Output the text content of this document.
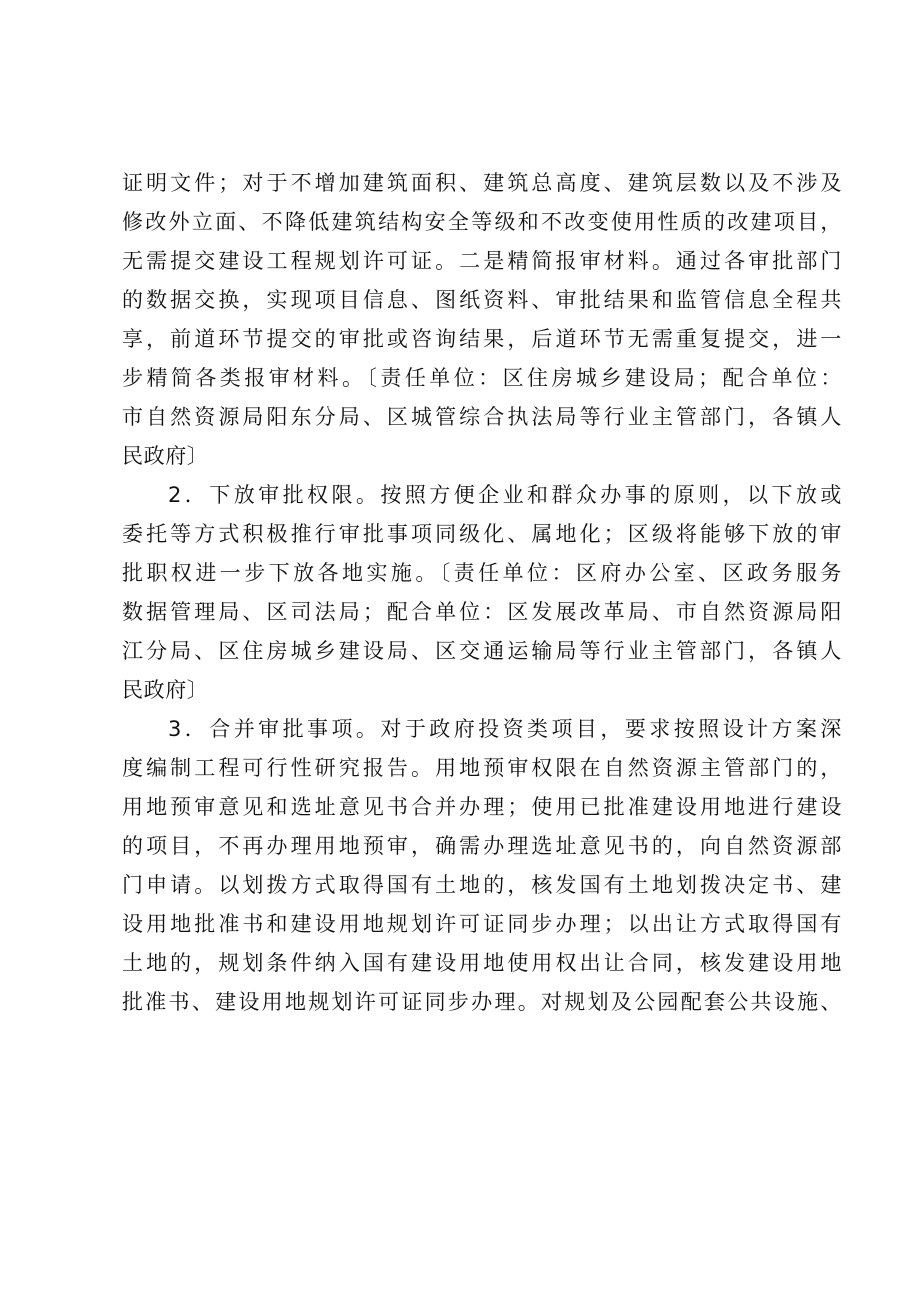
证明文件；对于不增加建筑面积、建筑总高度、建筑层数以及不涉及
修改外立面、不降低建筑结构安全等级和不改变使用性质的改建项目，
无需提交建设工程规划许可证。二是精简报审材料。通过各审批部门
的数据交换，实现项目信息、图纸资料、审批结果和监管信息全程共
享，前道环节提交的审批或咨询结果，后道环节无需重复提交，进一
步精简各类报审材料。〔责任单位：区住房城乡建设局；配合单位：
市自然资源局阳东分局、区城管综合执法局等行业主管部门，各镇人
民政府〕
2．下放审批权限。按照方便企业和群众办事的原则，以下放或
委托等方式积极推行审批事项同级化、属地化；区级将能够下放的审
批职权进一步下放各地实施。〔责任单位：区府办公室、区政务服务
数据管理局、区司法局；配合单位：区发展改革局、市自然资源局阳
江分局、区住房城乡建设局、区交通运输局等行业主管部门，各镇人
民政府〕
3．合并审批事项。对于政府投资类项目，要求按照设计方案深
度编制工程可行性研究报告。用地预审权限在自然资源主管部门的，
用地预审意见和选址意见书合并办理；使用已批准建设用地进行建设
的项目，不再办理用地预审，确需办理选址意见书的，向自然资源部
门申请。以划拨方式取得国有土地的，核发国有土地划拨决定书、建
设用地批准书和建设用地规划许可证同步办理；以出让方式取得国有
土地的，规划条件纳入国有建设用地使用权出让合同，核发建设用地
批准书、建设用地规划许可证同步办理。对规划及公园配套公共设施、
